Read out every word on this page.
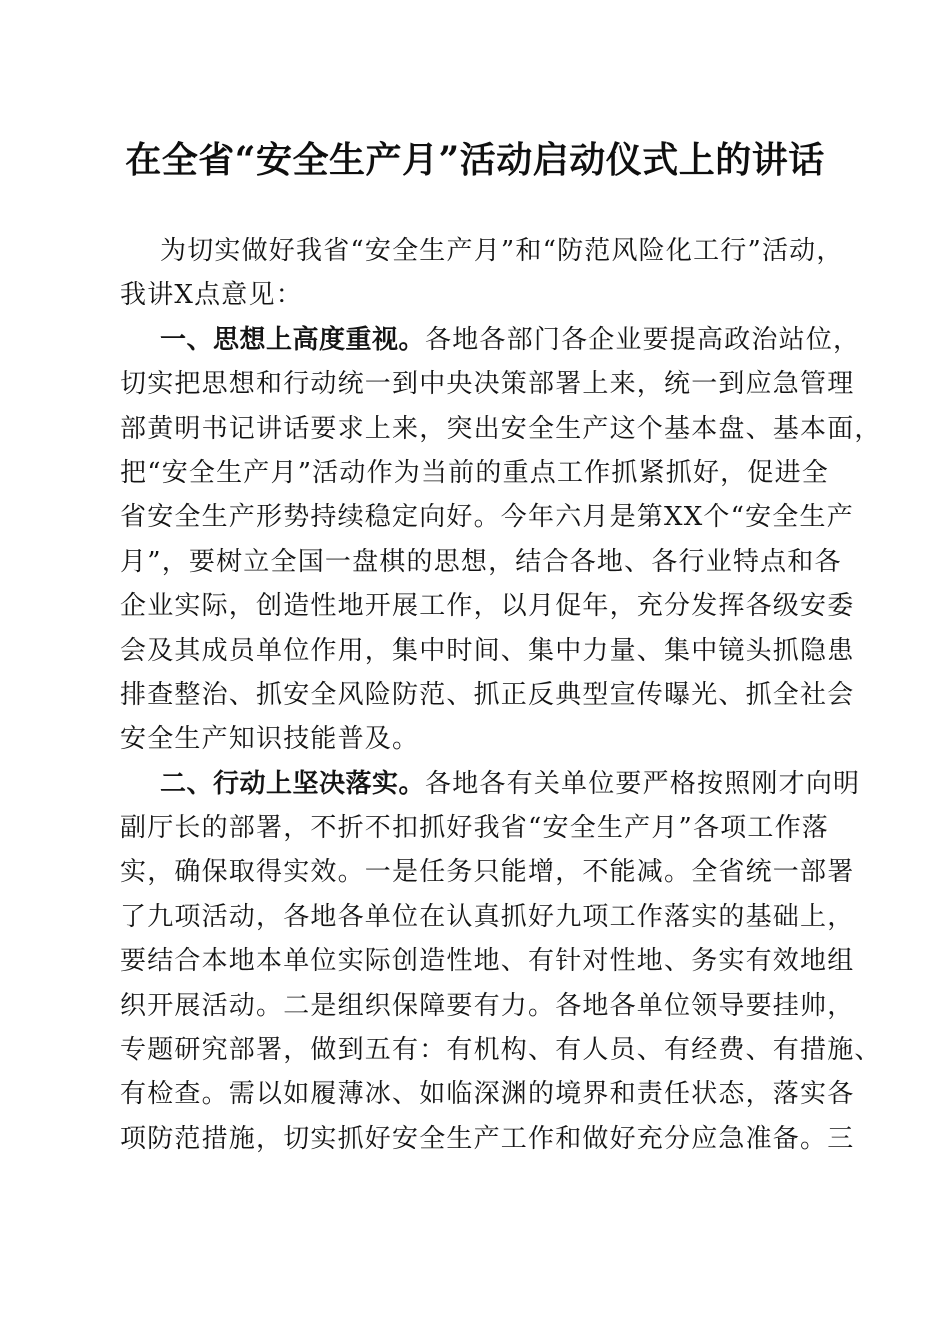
在全省“安全生产月”活动启动仪式上的讲话
为切实做好我省“安全生产月”和“防范风险化工行”活动，
我讲X点意见：
一、思想上高度重视。各地各部门各企业要提高政治站位，
切实把思想和行动统一到中央决策部署上来，统一到应急管理
部黄明书记讲话要求上来，突出安全生产这个基本盘、基本面，
把“安全生产月”活动作为当前的重点工作抓紧抓好，促进全
省安全生产形势持续稳定向好。今年六月是第XX个“安全生产
月”，要树立全国一盘棋的思想，结合各地、各行业特点和各
企业实际，创造性地开展工作，以月促年，充分发挥各级安委
会及其成员单位作用，集中时间、集中力量、集中镜头抓隐患
排查整治、抓安全风险防范、抓正反典型宣传曝光、抓全社会
安全生产知识技能普及。
二、行动上坚决落实。各地各有关单位要严格按照刚才向明
副厅长的部署，不折不扣抓好我省“安全生产月”各项工作落
实，确保取得实效。一是任务只能增，不能减。全省统一部署
了九项活动，各地各单位在认真抓好九项工作落实的基础上，
要结合本地本单位实际创造性地、有针对性地、务实有效地组
织开展活动。二是组织保障要有力。各地各单位领导要挂帅，
专题研究部署，做到五有：有机构、有人员、有经费、有措施、
有检查。需以如履薄冰、如临深渊的境界和责任状态，落实各
项防范措施，切实抓好安全生产工作和做好充分应急准备。三
